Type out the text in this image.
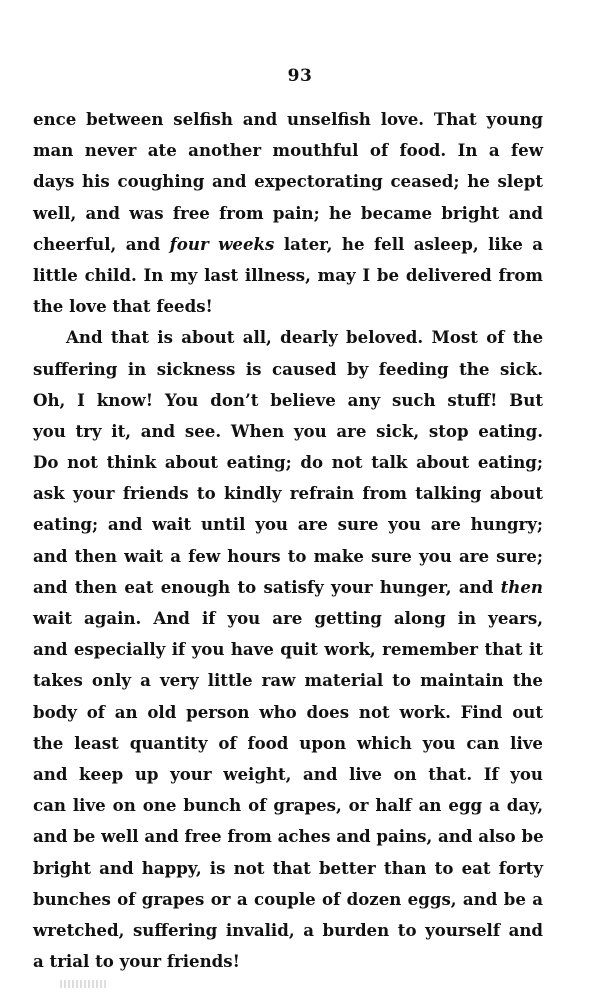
93
ence between selfish and unselfish love. That young
man never ate another mouthful of food. In a few
days his coughing and expectorating ceased; he slept
well, and was free from pain; he became bright and
cheerful, and four weeks later, he fell asleep, like a
little child. In my last illness, may I be delivered from
the love that feeds!
And that is about all, dearly beloved. Most of the
suffering in sickness is caused by feeding the sick.
Oh, I know! You don’t believe any such stuff! But
you try it, and see. When you are sick, stop eating.
Do not think about eating; do not talk about eating;
ask your friends to kindly refrain from talking about
eating; and wait until you are sure you are hungry;
and then wait a few hours to make sure you are sure;
and then eat enough to satisfy your hunger, and then
wait again. And if you are getting along in years,
and especially if you have quit work, remember that it
takes only a very little raw material to maintain the
body of an old person who does not work. Find out
the least quantity of food upon which you can live
and keep up your weight, and live on that. If you
can live on one bunch of grapes, or half an egg a day,
and be well and free from aches and pains, and also be
bright and happy, is not that better than to eat forty
bunches of grapes or a couple of dozen eggs, and be a
wretched, suffering invalid, a burden to yourself and
a trial to your friends!
